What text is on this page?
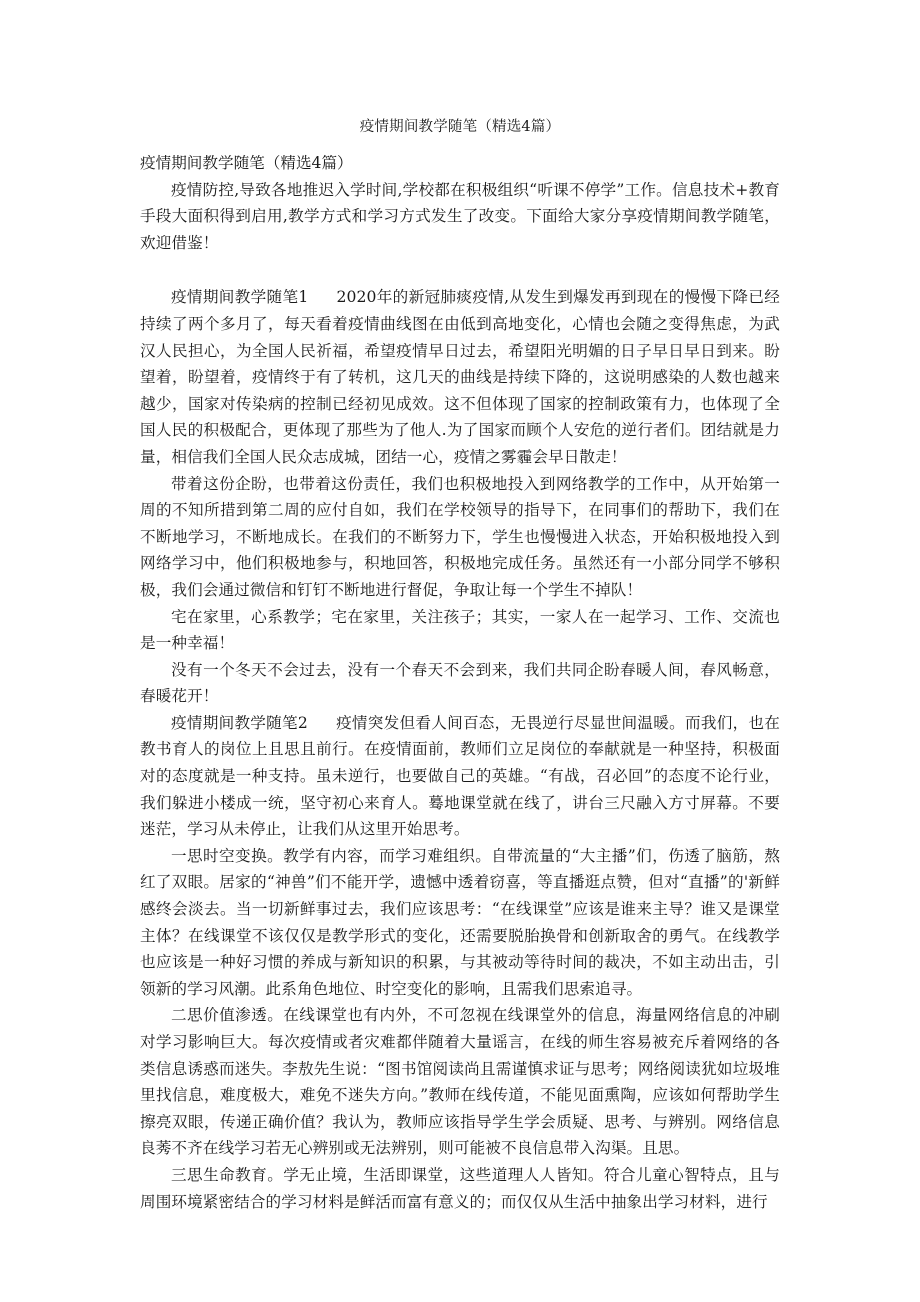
疫情期间教学随笔（精选4篇）

疫情期间教学随笔（精选4篇）

疫情防控,导致各地推迟入学时间,学校都在积极组织“听课不停学”工作。信息技术+教育手段大面积得到启用,教学方式和学习方式发生了改变。下面给大家分享疫情期间教学随笔，欢迎借鉴！

疫情期间教学随笔1 2020年的新冠肺痰疫情,从发生到爆发再到现在的慢慢下降已经持续了两个多月了，每天看着疫情曲线图在由低到高地变化，心情也会随之变得焦虑，为武汉人民担心，为全国人民祈福，希望疫情早日过去，希望阳光明媚的日子早日早日到来。盼望着，盼望着，疫情终于有了转机，这几天的曲线是持续下降的，这说明感染的人数也越来越少，国家对传染病的控制已经初见成效。这不但体现了国家的控制政策有力，也体现了全国人民的积极配合，更体现了那些为了他人.为了国家而顾个人安危的逆行者们。团结就是力量，相信我们全国人民众志成城，团结一心，疫情之雾霾会早日散走！

带着这份企盼，也带着这份责任，我们也积极地投入到网络教学的工作中，从开始第一周的不知所措到第二周的应付自如，我们在学校领导的指导下，在同事们的帮助下，我们在不断地学习，不断地成长。在我们的不断努力下，学生也慢慢进入状态，开始积极地投入到网络学习中，他们积极地参与，积地回答，积极地完成任务。虽然还有一小部分同学不够积极，我们会通过微信和钉钉不断地进行督促，争取让每一个学生不掉队！

宅在家里，心系教学；宅在家里，关注孩子；其实，一家人在一起学习、工作、交流也是一种幸福！

没有一个冬天不会过去，没有一个春天不会到来，我们共同企盼春暖人间，春风畅意，春暖花开！

疫情期间教学随笔2 疫情突发但看人间百态，无畏逆行尽显世间温暖。而我们，也在教书育人的岗位上且思且前行。在疫情面前，教师们立足岗位的奉献就是一种坚持，积极面对的态度就是一种支持。虽未逆行，也要做自己的英雄。“有战，召必回”的态度不论行业，我们躲进小楼成一统，坚守初心来育人。蓦地课堂就在线了，讲台三尺融入方寸屏幕。不要迷茫，学习从未停止，让我们从这里开始思考。

一思时空变换。教学有内容，而学习难组织。自带流量的“大主播”们，伤透了脑筋，熬红了双眼。居家的“神兽”们不能开学，遗憾中透着窃喜，等直播逛点赞，但对“直播”的'新鲜感终会淡去。当一切新鲜事过去，我们应该思考：“在线课堂”应该是谁来主导？谁又是课堂主体？在线课堂不该仅仅是教学形式的变化，还需要脱胎换骨和创新取舍的勇气。在线教学也应该是一种好习惯的养成与新知识的积累，与其被动等待时间的裁决，不如主动出击，引领新的学习风潮。此系角色地位、时空变化的影响，且需我们思索追寻。

二思价值渗透。在线课堂也有内外，不可忽视在线课堂外的信息，海量网络信息的冲刷对学习影响巨大。每次疫情或者灾难都伴随着大量谣言，在线的师生容易被充斥着网络的各类信息诱惑而迷失。李敖先生说：“图书馆阅读尚且需谨慎求证与思考；网络阅读犹如垃圾堆里找信息，难度极大，难免不迷失方向。”教师在线传道，不能见面熏陶，应该如何帮助学生擦亮双眼，传递正确价值？我认为，教师应该指导学生学会质疑、思考、与辨别。网络信息良莠不齐在线学习若无心辨别或无法辨别，则可能被不良信息带入沟渠。且思。

三思生命教育。学无止境，生活即课堂，这些道理人人皆知。符合儿童心智特点，且与周围环境紧密结合的学习材料是鲜活而富有意义的；而仅仅从生活中抽象出学习材料，进行
